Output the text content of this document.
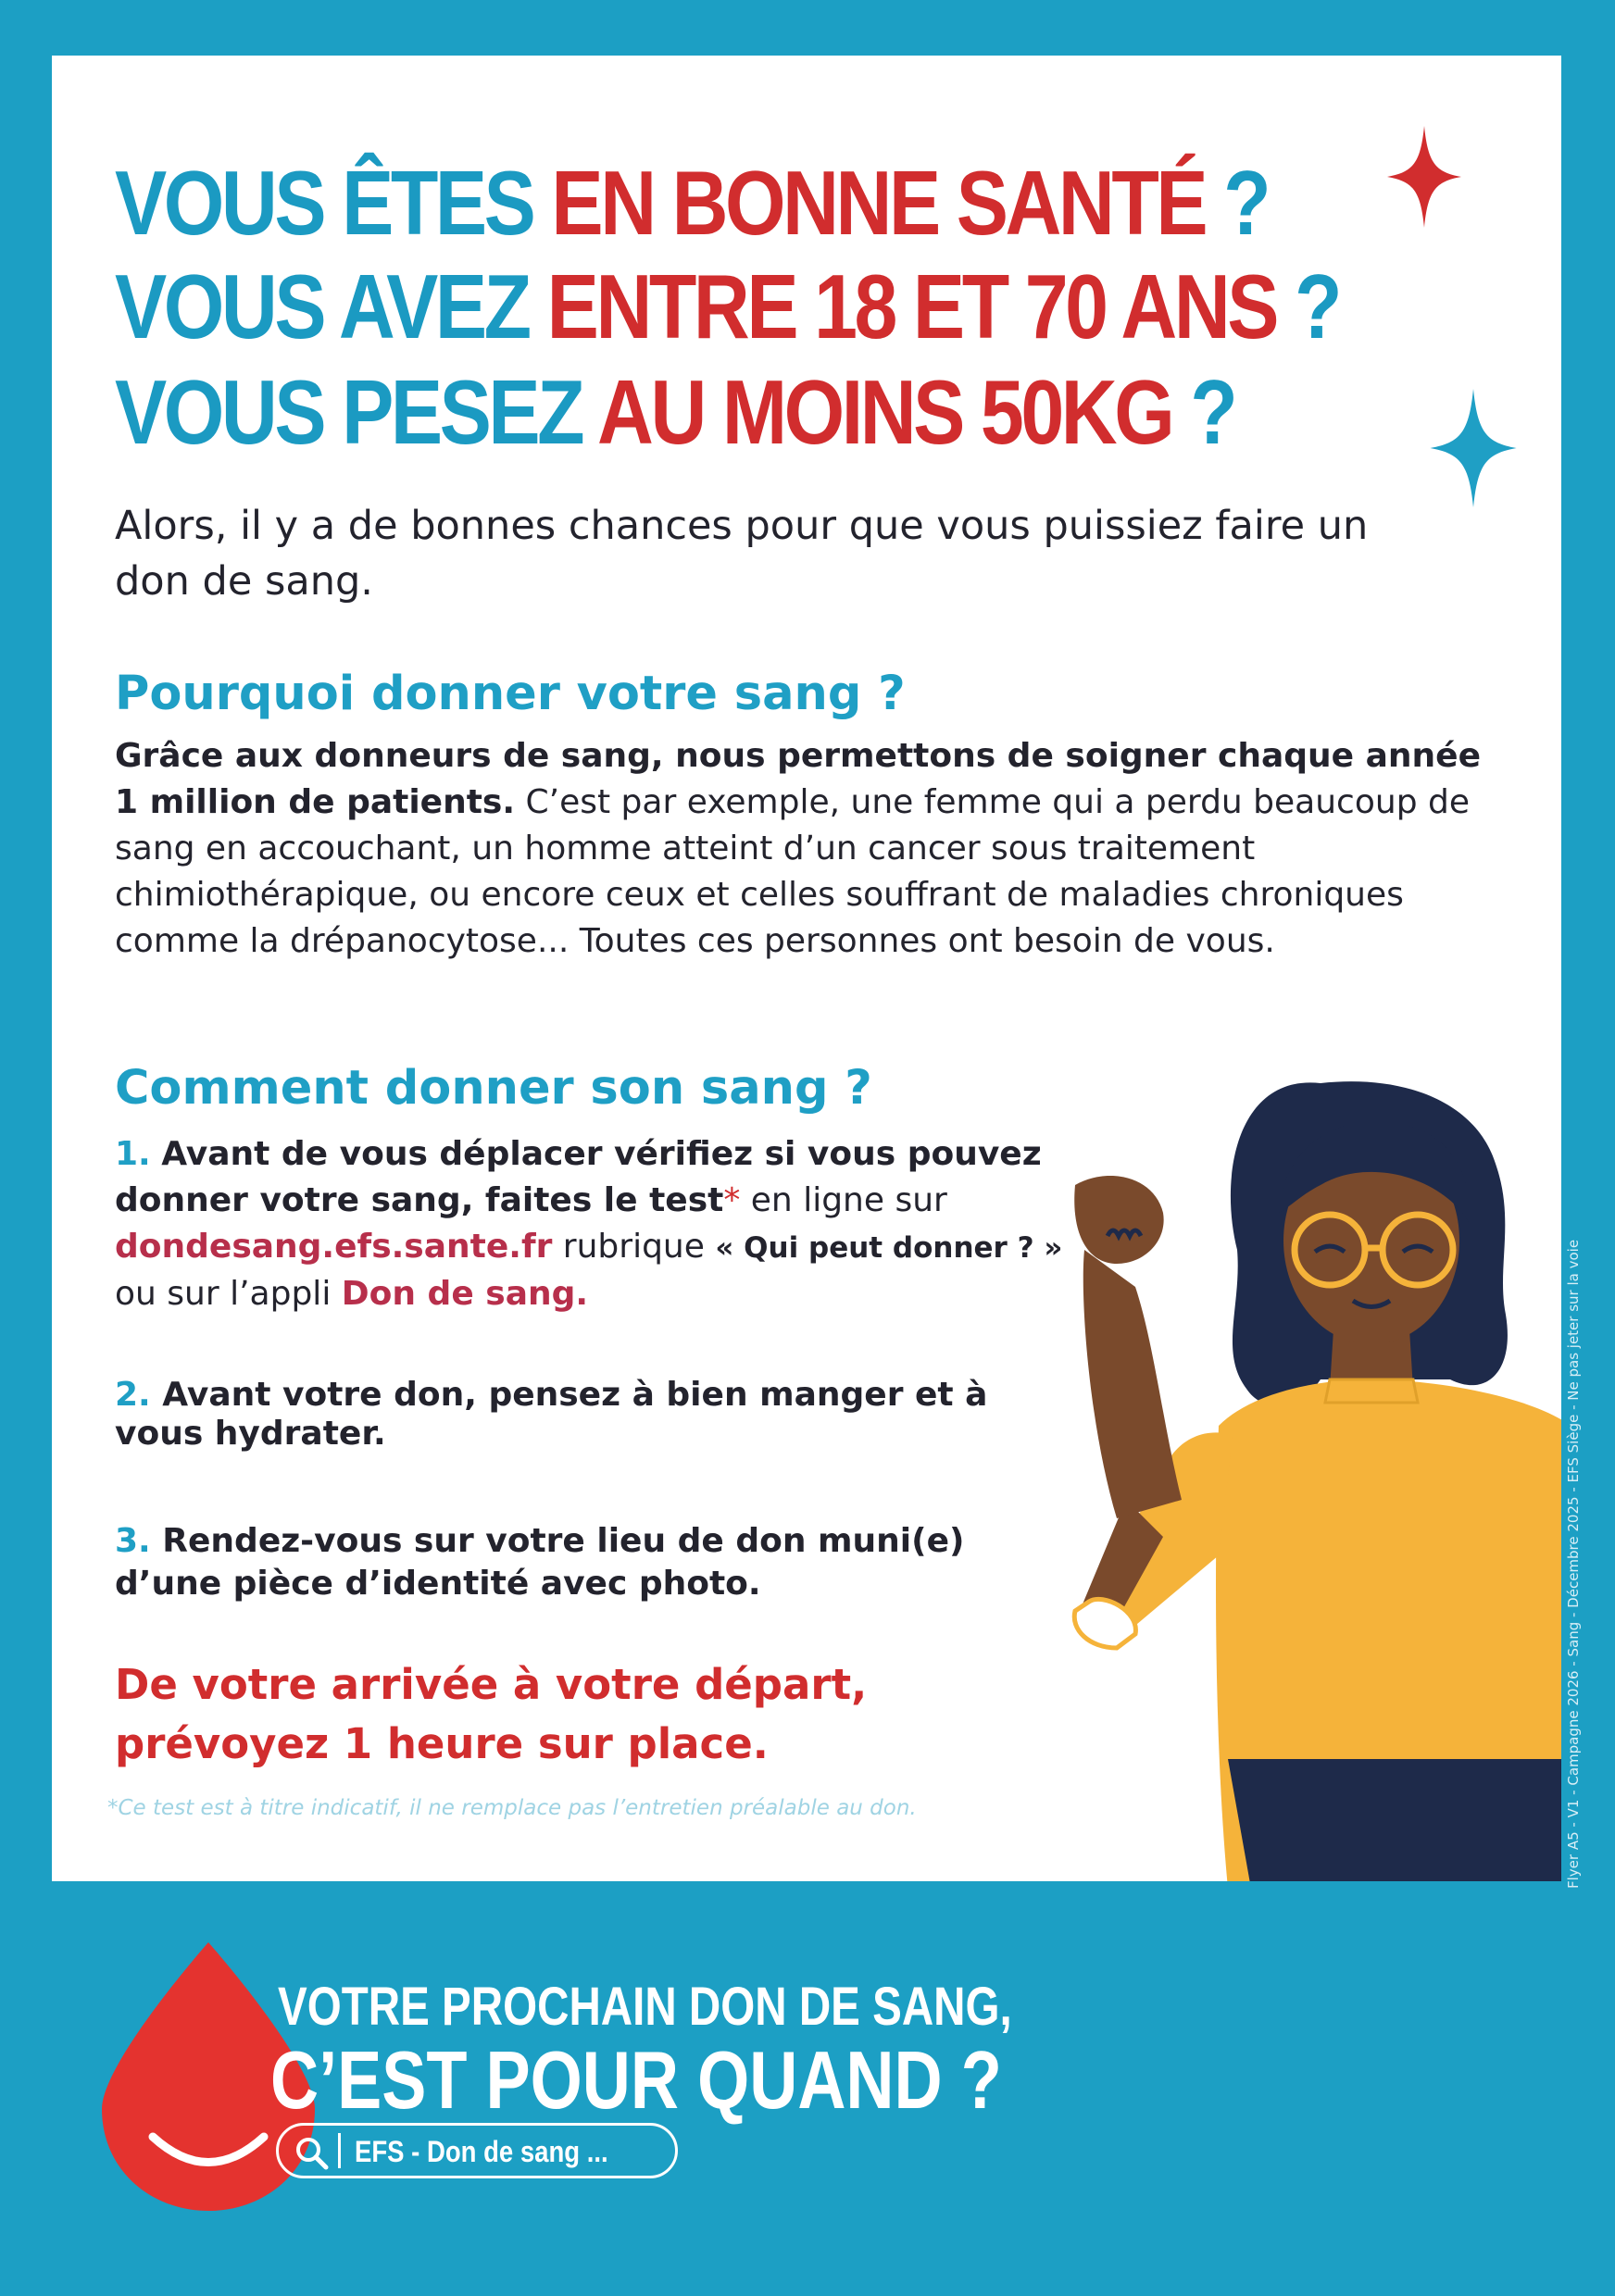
VOUS ÊTES EN BONNE SANTÉ ?
VOUS AVEZ ENTRE 18 ET 70 ANS ?
VOUS PESEZ AU MOINS 50KG ?
Alors, il y a de bonnes chances pour que vous puissiez faire un don de sang.
Pourquoi donner votre sang ?
Grâce aux donneurs de sang, nous permettons de soigner chaque année 1 million de patients. C’est par exemple, une femme qui a perdu beaucoup de sang en accouchant, un homme atteint d’un cancer sous traitement chimiothérapique, ou encore ceux et celles souffrant de maladies chroniques comme la drépanocytose... Toutes ces personnes ont besoin de vous.
Comment donner son sang ?
1. Avant de vous déplacer vérifiez si vous pouvez donner votre sang, faites le test* en ligne sur dondesang.efs.sante.fr rubrique « Qui peut donner ? » ou sur l’appli Don de sang.
2. Avant votre don, pensez à bien manger et à vous hydrater.
3. Rendez-vous sur votre lieu de don muni(e) d’une pièce d’identité avec photo.
De votre arrivée à votre départ,
prévoyez 1 heure sur place.
*Ce test est à titre indicatif, il ne remplace pas l’entretien préalable au don.	Flyer A5 - V1 - Campagne 2026 - Sang - Décembre 2025 - EFS Siège - Ne pas jeter sur la voie
VOTRE PROCHAIN DON DE SANG,
C’EST POUR QUAND ?
EFS - Don de sang ...
